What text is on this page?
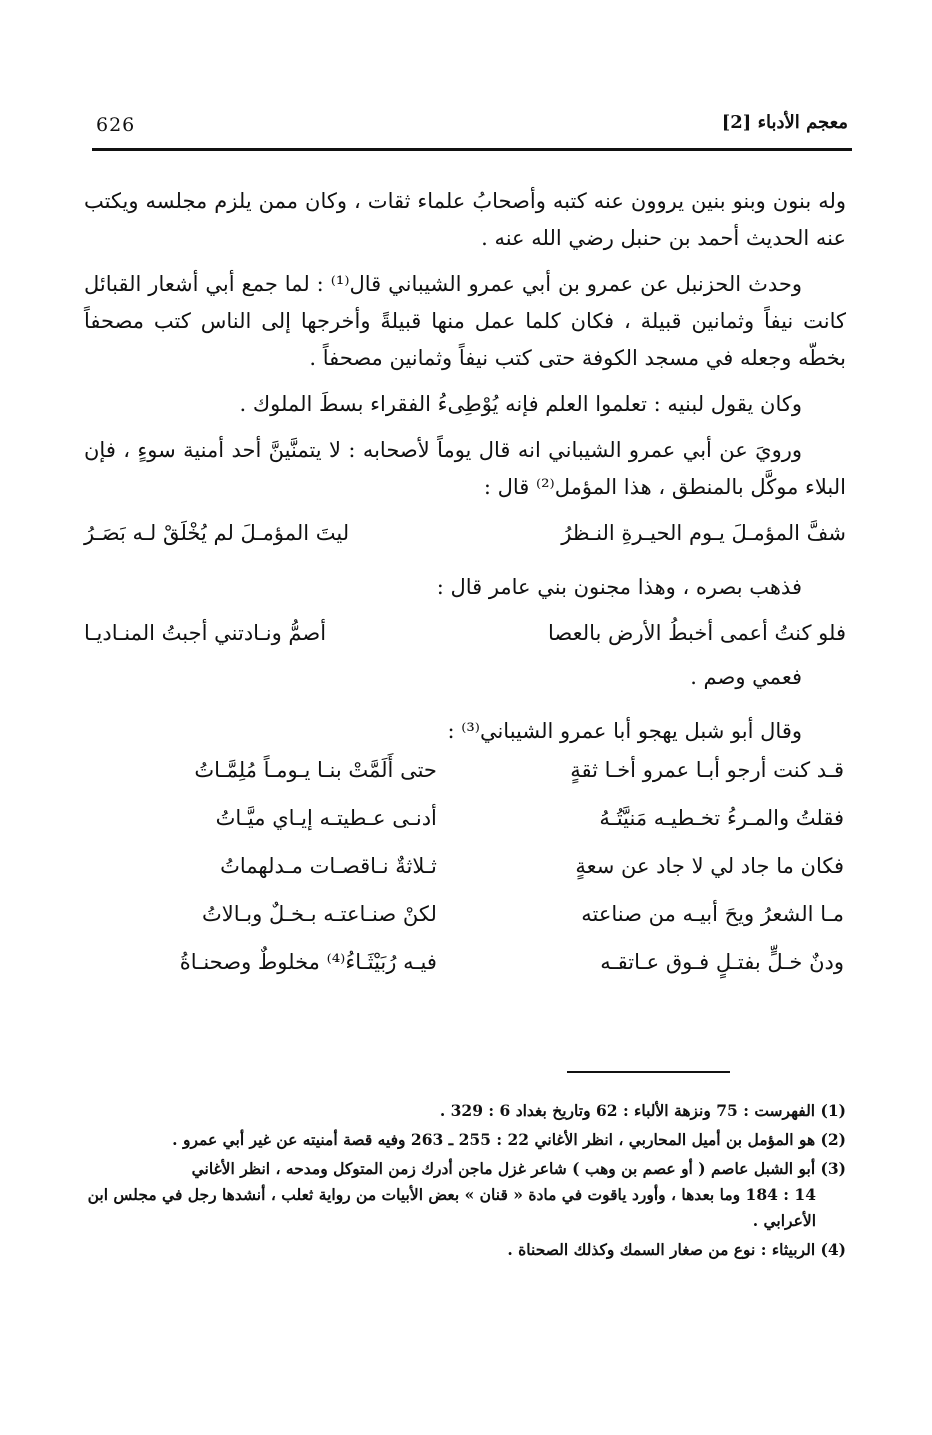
626	معجم الأدباء [2]

وله بنون وبنو بنين يروون عنه كتبه وأصحابُ علماء ثقات ، وكان ممن يلزم مجلسه ويكتب عنه الحديث أحمد بن حنبل رضي الله عنه .

وحدث الحزنبل عن عمرو بن أبي عمرو الشيباني قال⁽¹⁾ : لما جمع أبي أشعار القبائل كانت نيفاً وثمانين قبيلة ، فكان كلما عمل منها قبيلةً وأخرجها إلى الناس كتب مصحفاً بخطّه وجعله في مسجد الكوفة حتى كتب نيفاً وثمانين مصحفاً .

وكان يقول لبنيه : تعلموا العلم فإنه يُوْطِىءُ الفقراء بسطَ الملوك .

ورويَ عن أبي عمرو الشيباني انه قال يوماً لأصحابه : لا يتمنَّينَّ أحد أمنية سوءٍ ، فإن البلاء موكَّل بالمنطق ، هذا المؤمل⁽²⁾ قال :

شفَّ المؤمـلَ يـوم الحيـرةِ النـظرُ
ليتَ المؤمـلَ لم يُخْلَقْ لـه بَصَـرُ

فذهب بصره ، وهذا مجنون بني عامر قال :

فلو كنتُ أعمى أخبطُ الأرض بالعصا
أصمُّ ونـادتني أجبتُ المنـاديـا

فعمي وصم .

وقال أبو شبل يهجو أبا عمرو الشيباني⁽³⁾ :

قـد كنت أرجو أبـا عمرو أخـا ثقةٍ
حتى أَلَمَّتْ بنـا يـومـاً مُلِمَّـاتُ
فقلتُ والمـرءُ تخـطيـه مَنيَّتُـهُ
أدنـى عـطيتـه إيـاي ميَّـاتُ
فكان ما جاد لي لا جاد عن سعةٍ
ثـلاثةٌ نـاقصـات مـدلهماتُ
مـا الشعرُ ويحَ أبيـه من صناعته
لكنْ صنـاعتـه بـخـلٌ وبـالاتُ
ودنٌ خـلٍّ بفتـلٍ فـوق عـاتقـه
فيـه رُبَيْثَـاءُ⁽⁴⁾ مخلوطٌ وصحنـاةُ

(1) الفهرست : 75 ونزهة الألباء : 62 وتاريخ بغداد 6 : 329 .

(2) هو المؤمل بن أميل المحاربي ، انظر الأغاني 22 : 255 ـ 263 وفيه قصة أمنيته عن غير أبي عمرو .

(3) أبو الشبل عاصم ( أو عصم بن وهب ) شاعر غزل ماجن أدرك زمن المتوكل ومدحه ، انظر الأغاني

14 : 184 وما بعدها ، وأورد ياقوت في مادة « قنان » بعض الأبيات من رواية ثعلب ، أنشدها رجل في مجلس ابن الأعرابي .

(4) الربيثاء : نوع من صغار السمك وكذلك الصحناة .
